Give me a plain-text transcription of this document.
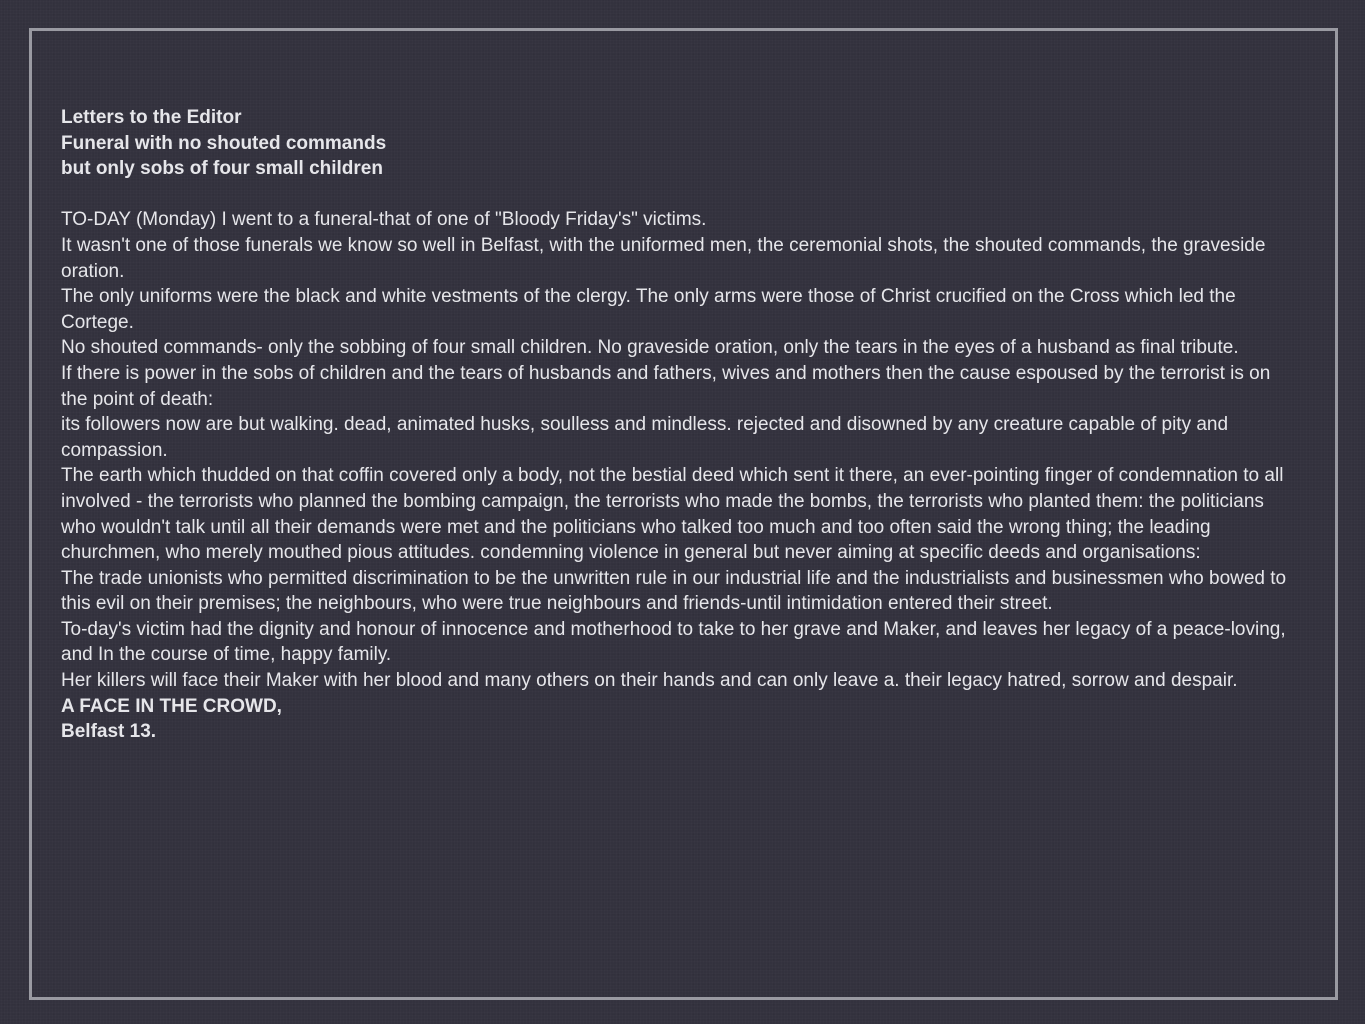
Letters to the Editor

Funeral with no shouted commands

but only sobs of four small children

TO-DAY (Monday) I went to a funeral-that of one of "Bloody Friday's" victims.

It wasn't one of those funerals we know so well in Belfast, with the uniformed men, the ceremonial shots, the shouted commands, the graveside oration.

The only uniforms were the black and white vestments of the clergy. The only arms were those of Christ crucified on the Cross which led the Cortege.

No shouted commands- only the sobbing of four small children. No graveside oration, only the tears in the eyes of a husband as final tribute.

If there is power in the sobs of children and the tears of husbands and fathers, wives and mothers then the cause espoused by the terrorist is on the point of death:

its followers now are but walking. dead, animated husks, soulless and mindless. rejected and disowned by any creature capable of pity and compassion.

The earth which thudded on that coffin covered only a body, not the bestial deed which sent it there, an ever-pointing finger of condemnation to all involved - the terrorists who planned the bombing campaign, the terrorists who made the bombs, the terrorists who planted them: the politicians who wouldn't talk until all their demands were met and the politicians who talked too much and too often said the wrong thing; the leading churchmen, who merely mouthed pious attitudes. condemning violence in general but never aiming at specific deeds and organisations:

The trade unionists who permitted discrimination to be the unwritten rule in our industrial life and the industrialists and businessmen who bowed to this evil on their premises; the neighbours, who were true neighbours and friends-until intimidation entered their street.

To-day's victim had the dignity and honour of innocence and motherhood to take to her grave and Maker, and leaves her legacy of a peace-loving, and In the course of time, happy family.

Her killers will face their Maker with her blood and many others on their hands and can only leave a. their legacy hatred, sorrow and despair.

A FACE IN THE CROWD,

Belfast 13.
